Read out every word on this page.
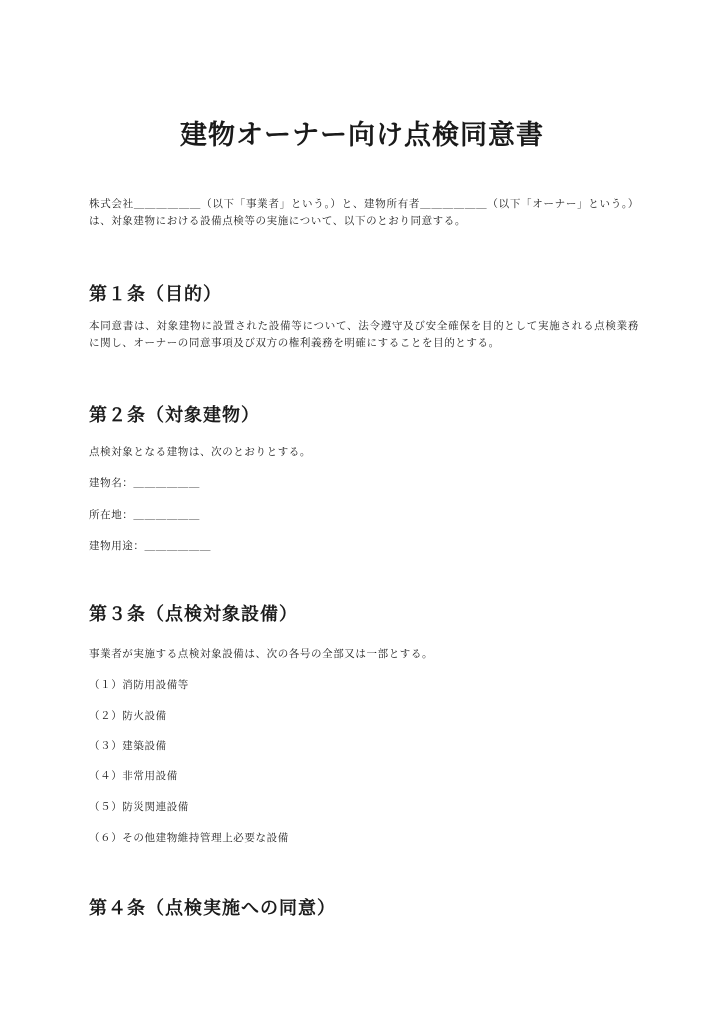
建物オーナー向け点検同意書
株式会社＿＿＿＿＿＿（以下「事業者」という。）と、建物所有者＿＿＿＿＿＿（以下「オーナー」という。）は、対象建物における設備点検等の実施について、以下のとおり同意する。
第１条（目的）
本同意書は、対象建物に設置された設備等について、法令遵守及び安全確保を目的として実施される点検業務に関し、オーナーの同意事項及び双方の権利義務を明確にすることを目的とする。
第２条（対象建物）
点検対象となる建物は、次のとおりとする。
建物名：＿＿＿＿＿＿
所在地：＿＿＿＿＿＿
建物用途：＿＿＿＿＿＿
第３条（点検対象設備）
事業者が実施する点検対象設備は、次の各号の全部又は一部とする。
（１）消防用設備等
（２）防火設備
（３）建築設備
（４）非常用設備
（５）防災関連設備
（６）その他建物維持管理上必要な設備
第４条（点検実施への同意）
